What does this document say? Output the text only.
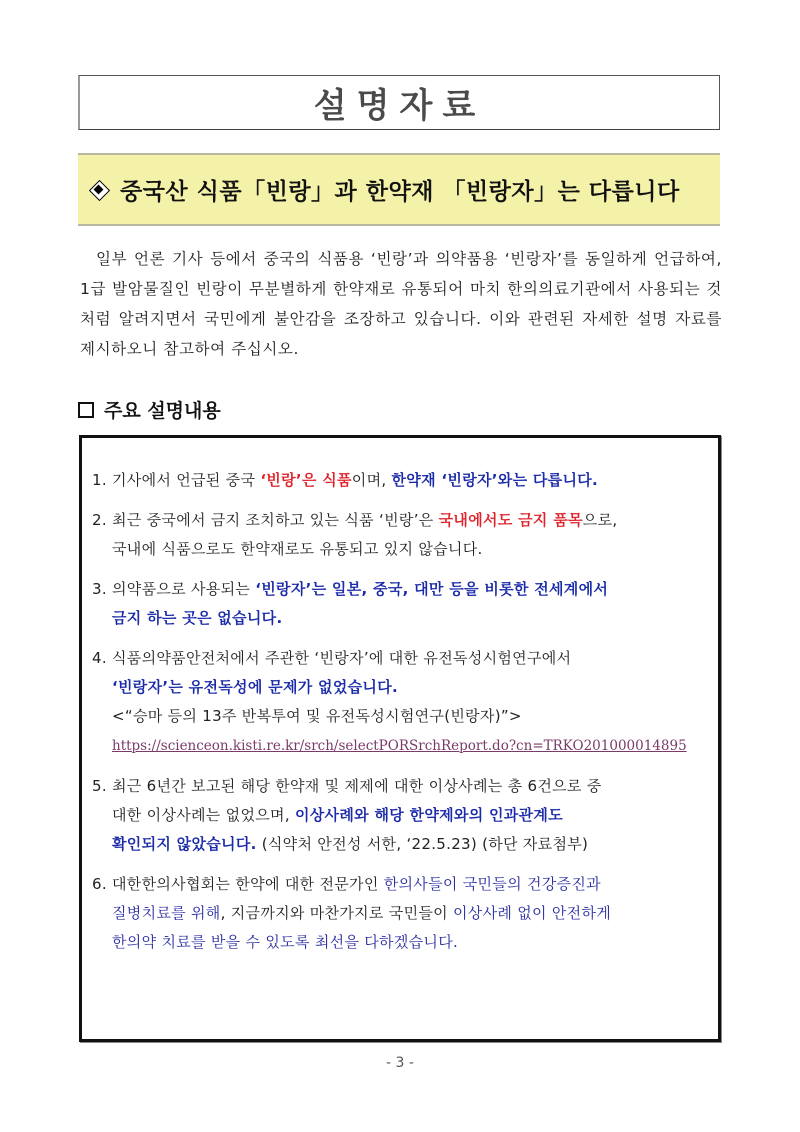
설명자료
중국산 식품「빈랑」과 한약재 「빈랑자」는 다릅니다

일부 언론 기사 등에서 중국의 식품용 ‘빈랑’과 의약품용 ‘빈랑자’를 동일하게 언급하여, 1급 발암물질인 빈랑이 무분별하게 한약재로 유통되어 마치 한의의료기관에서 사용되는 것처럼 알려지면서 국민에게 불안감을 조장하고 있습니다. 이와 관련된 자세한 설명 자료를 제시하오니 참고하여 주십시오.

주요 설명내용
1. 기사에서 언급된 중국 ‘빈랑’은 식품이며, 한약재 ‘빈랑자’와는 다릅니다.
2. 최근 중국에서 금지 조치하고 있는 식품 ‘빈랑’은 국내에서도 금지 품목으로,
국내에 식품으로도 한약재로도 유통되고 있지 않습니다.
3. 의약품으로 사용되는 ‘빈랑자’는 일본, 중국, 대만 등을 비롯한 전세계에서
금지 하는 곳은 없습니다.
4. 식품의약품안전처에서 주관한 ‘빈랑자’에 대한 유전독성시험연구에서
‘빈랑자’는 유전독성에 문제가 없었습니다.
<“승마 등의 13주 반복투여 및 유전독성시험연구(빈랑자)”>
https://scienceon.kisti.re.kr/srch/selectPORSrchReport.do?cn=TRKO201000014895
5. 최근 6년간 보고된 해당 한약재 및 제제에 대한 이상사례는 총 6건으로 중
대한 이상사례는 없었으며, 이상사례와 해당 한약제와의 인과관계도
확인되지 않았습니다. (식약처 안전성 서한, ‘22.5.23) (하단 자료첨부)
6. 대한한의사협회는 한약에 대한 전문가인 한의사들이 국민들의 건강증진과
질병치료를 위해, 지금까지와 마찬가지로 국민들이 이상사례 없이 안전하게
한의약 치료를 받을 수 있도록 최선을 다하겠습니다.
- 3 -
